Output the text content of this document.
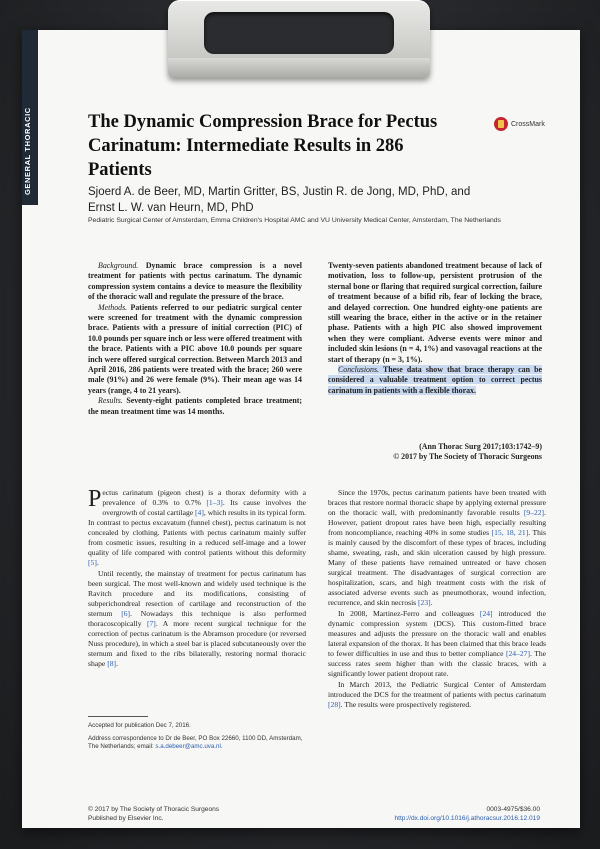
GENERAL THORACIC	The Dynamic Compression Brace for Pectus Carinatum: Intermediate Results in 286 Patients
CrossMark
Sjoerd A. de Beer, MD, Martin Gritter, BS, Justin R. de Jong, MD, PhD, and
Ernst L. W. van Heurn, MD, PhD
Pediatric Surgical Center of Amsterdam, Emma Children's Hospital AMC and VU University Medical Center, Amsterdam, The Netherlands

Background. Dynamic brace compression is a novel treatment for patients with pectus carinatum. The dynamic compression system contains a device to measure the flexibility of the thoracic wall and regulate the pressure of the brace.

Methods. Patients referred to our pediatric surgical center were screened for treatment with the dynamic compression brace. Patients with a pressure of initial correction (PIC) of 10.0 pounds per square inch or less were offered treatment with the brace. Patients with a PIC above 10.0 pounds per square inch were offered surgical correction. Between March 2013 and April 2016, 286 patients were treated with the brace; 260 were male (91%) and 26 were female (9%). Their mean age was 14 years (range, 4 to 21 years).

Results. Seventy-eight patients completed brace treatment; the mean treatment time was 14 months.

Twenty-seven patients abandoned treatment because of lack of motivation, loss to follow-up, persistent protrusion of the sternal bone or flaring that required surgical correction, failure of treatment because of a bifid rib, fear of locking the brace, and delayed correction. One hundred eighty-one patients are still wearing the brace, either in the active or in the retainer phase. Patients with a high PIC also showed improvement when they were compliant. Adverse events were minor and included skin lesions (n = 4, 1%) and vasovagal reactions at the start of therapy (n = 3, 1%).

Conclusions. These data show that brace therapy can be considered a valuable treatment option to correct pectus carinatum in patients with a flexible thorax.

(Ann Thorac Surg 2017;103:1742–9)
© 2017 by The Society of Thoracic Surgeons

Pectus carinatum (pigeon chest) is a thorax deformity with a prevalence of 0.3% to 0.7% [1–3]. Its cause involves the overgrowth of costal cartilage [4], which results in its typical form. In contrast to pectus excavatum (funnel chest), pectus carinatum is not concealed by clothing. Patients with pectus carinatum mainly suffer from cosmetic issues, resulting in a reduced self-image and a lower quality of life compared with control patients without this deformity [5].

Until recently, the mainstay of treatment for pectus carinatum has been surgical. The most well-known and widely used technique is the Ravitch procedure and its modifications, consisting of subperichondreal resection of cartilage and reconstruction of the sternum [6]. Nowadays this technique is also performed thoracoscopically [7]. A more recent surgical technique for the correction of pectus carinatum is the Abramson procedure (or reversed Nuss procedure), in which a steel bar is placed subcutaneously over the sternum and fixed to the ribs bilaterally, restoring normal thoracic shape [8].

Since the 1970s, pectus carinatum patients have been treated with braces that restore normal thoracic shape by applying external pressure on the thoracic wall, with predominantly favorable results [9–22]. However, patient dropout rates have been high, especially resulting from noncompliance, reaching 40% in some studies [15, 18, 21]. This is mainly caused by the discomfort of these types of braces, including shame, sweating, rash, and skin ulceration caused by high pressure. Many of these patients have remained untreated or have chosen surgical treatment. The disadvantages of surgical correction are hospitalization, scars, and high treatment costs with the risk of associated adverse events such as pneumothorax, wound infection, recurrence, and skin necrosis [23].

In 2008, Martinez-Ferro and colleagues [24] introduced the dynamic compression system (DCS). This custom-fitted brace measures and adjusts the pressure on the thoracic wall and enables lateral expansion of the thorax. It has been claimed that this brace leads to fewer difficulties in use and thus to better compliance [24–27]. The success rates seem higher than with the classic braces, with a significantly lower patient dropout rate.

In March 2013, the Pediatric Surgical Center of Amsterdam introduced the DCS for the treatment of patients with pectus carinatum [28]. The results were prospectively registered.

Accepted for publication Dec 7, 2016.
Address correspondence to Dr de Beer, PO Box 22660, 1100 DD, Amsterdam, The Netherlands; email: s.a.debeer@amc.uva.nl.
© 2017 by The Society of Thoracic Surgeons
Published by Elsevier Inc.
0003-4975/$36.00
http://dx.doi.org/10.1016/j.athoracsur.2016.12.019
